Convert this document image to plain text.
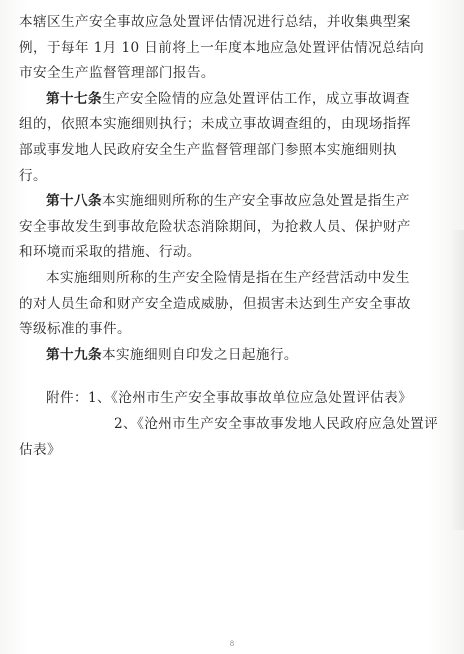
本辖区生产安全事故应急处置评估情况进行总结，并收集典型案
例，于每年 1月 10 日前将上一年度本地应急处置评估情况总结向
市安全生产监督管理部门报告。
第十七条生产安全险情的应急处置评估工作，成立事故调查
组的，依照本实施细则执行；未成立事故调查组的，由现场指挥
部或事发地人民政府安全生产监督管理部门参照本实施细则执
行。
第十八条本实施细则所称的生产安全事故应急处置是指生产
安全事故发生到事故危险状态消除期间，为抢救人员、保护财产
和环境而采取的措施、行动。
本实施细则所称的生产安全险情是指在生产经营活动中发生
的对人员生命和财产安全造成威胁，但损害未达到生产安全事故
等级标准的事件。
第十九条本实施细则自印发之日起施行。
附件：1、《沧州市生产安全事故事故单位应急处置评估表》
2、《沧州市生产安全事故事发地人民政府应急处置评
估表》
8
